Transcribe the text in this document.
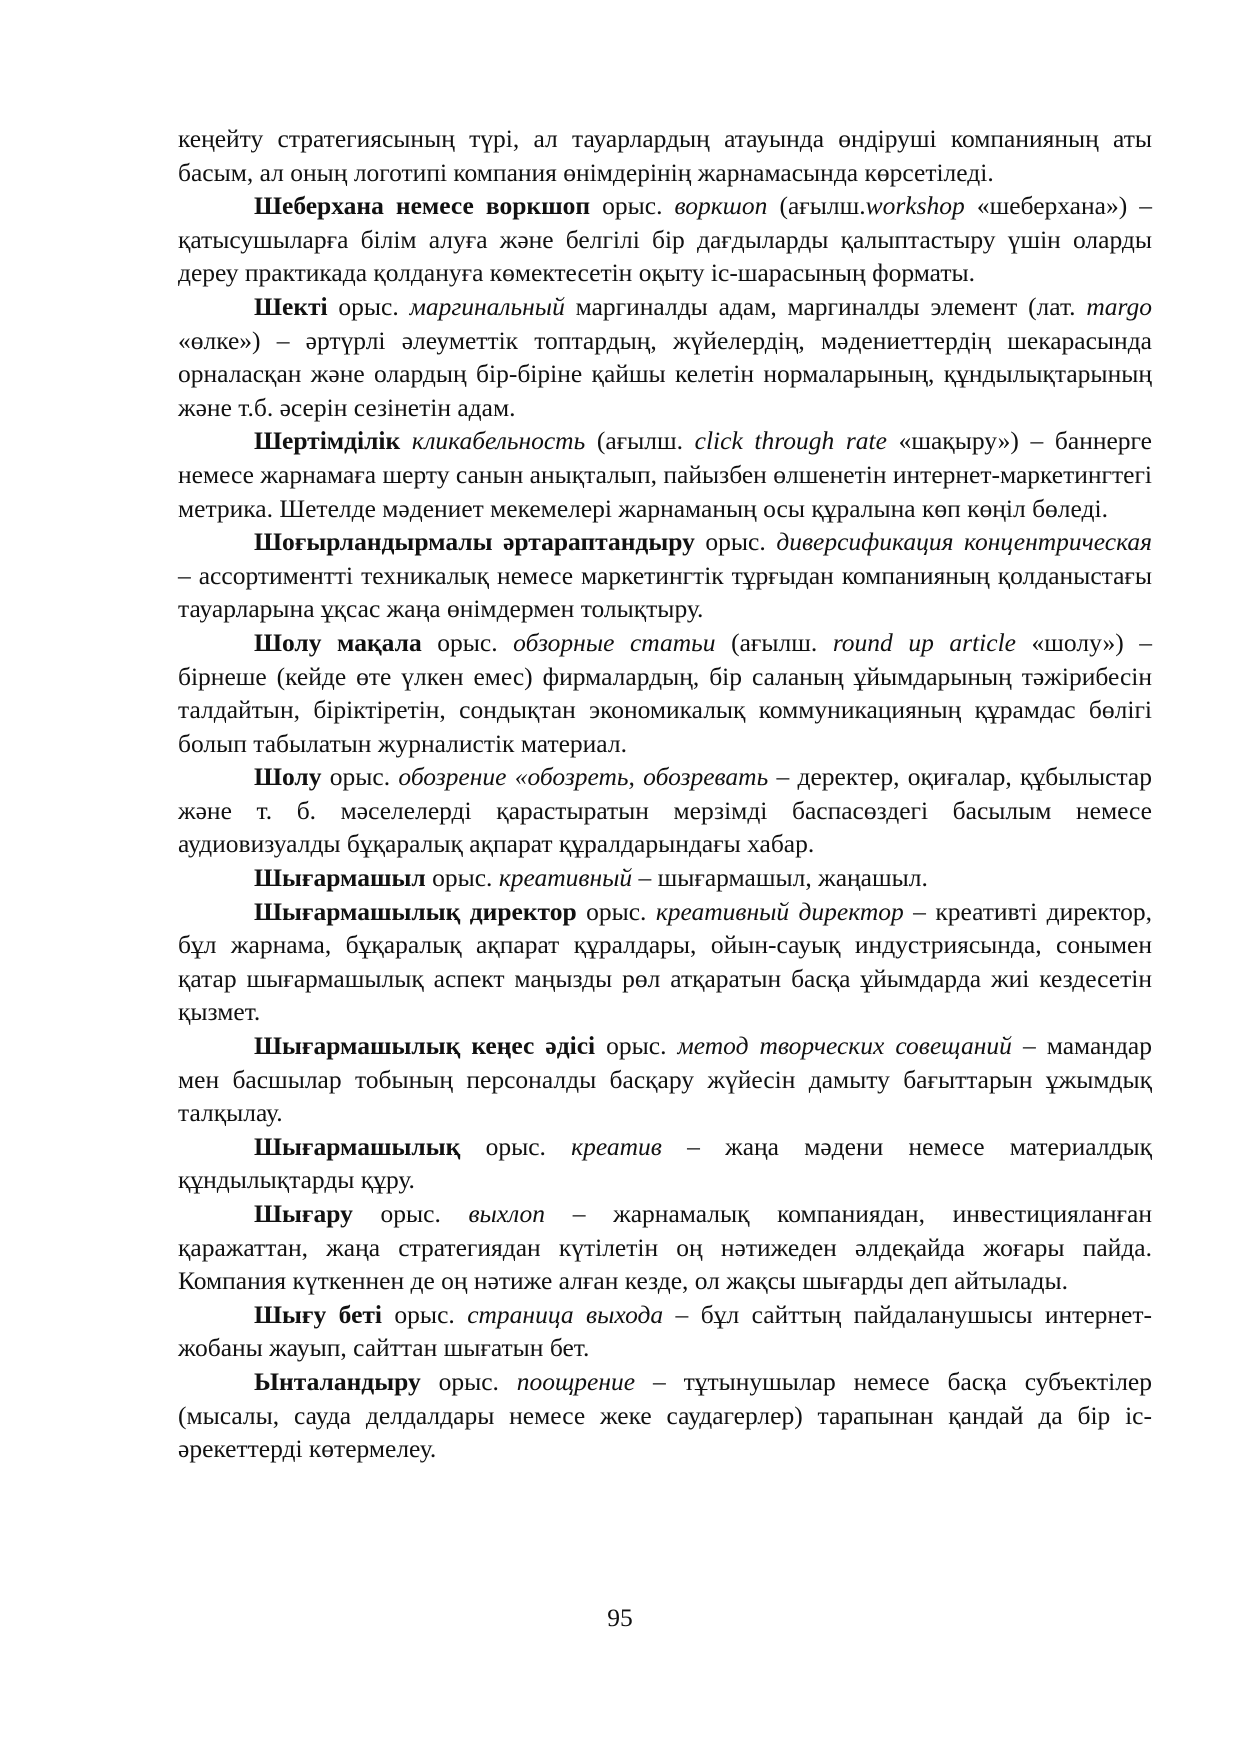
кеңейту стратегиясының түрі, ал тауарлардың атауында өндіруші компанияның аты басым, ал оның логотипі компания өнімдерінің жарнамасында көрсетіледі.

Шеберхана немесе воркшоп орыс. воркшоп (ағылш.workshop «шеберхана») – қатысушыларға білім алуға және белгілі бір дағдыларды қалыптастыру үшін оларды дереу практикада қолдануға көмектесетін оқыту іс-шарасының форматы.

Шекті орыс. маргинальный маргиналды адам, маргиналды элемент (лат. margo «өлке») – әртүрлі әлеуметтік топтардың, жүйелердің, мәдениеттердің шекарасында орналасқан және олардың бір-біріне қайшы келетін нормаларының, құндылықтарының және т.б. әсерін сезінетін адам.

Шертімділік кликабельность (ағылш. click through rate «шақыру») – баннерге немесе жарнамаға шерту санын анықталып, пайызбен өлшенетін интернет-маркетингтегі метрика. Шетелде мәдениет мекемелері жарнаманың осы құралына көп көңіл бөледі.

Шоғырландырмалы әртараптандыру орыс. диверсификация концентрическая – ассортиментті техникалық немесе маркетингтік тұрғыдан компанияның қолданыстағы тауарларына ұқсас жаңа өнімдермен толықтыру.

Шолу мақала орыс. обзорные статьи (ағылш. round up article «шолу») – бірнеше (кейде өте үлкен емес) фирмалардың, бір саланың ұйымдарының тәжірибесін талдайтын, біріктіретін, сондықтан экономикалық коммуникацияның құрамдас бөлігі болып табылатын журналистік материал.

Шолу орыс. обозрение «обозреть, обозревать – деректер, оқиғалар, құбылыстар және т. б. мәселелерді қарастыратын мерзімді баспасөздегі басылым немесе аудиовизуалды бұқаралық ақпарат құралдарындағы хабар.

Шығармашыл орыс. креативный – шығармашыл, жаңашыл.

Шығармашылық директор орыс. креативный директор – креативті директор, бұл жарнама, бұқаралық ақпарат құралдары, ойын-сауық индустриясында, сонымен қатар шығармашылық аспект маңызды рөл атқаратын басқа ұйымдарда жиі кездесетін қызмет.

Шығармашылық кеңес әдісі орыс. метод творческих совещаний – мамандар мен басшылар тобының персоналды басқару жүйесін дамыту бағыттарын ұжымдық талқылау.

Шығармашылық орыс. креатив – жаңа мәдени немесе материалдық құндылықтарды құру.

Шығару орыс. выхлоп – жарнамалық компаниядан, инвестицияланған қаражаттан, жаңа стратегиядан күтілетін оң нәтижеден әлдеқайда жоғары пайда. Компания күткеннен де оң нәтиже алған кезде, ол жақсы шығарды деп айтылады.

Шығу беті орыс. страница выхода – бұл сайттың пайдаланушысы интернет-жобаны жауып, сайттан шығатын бет.

Ынталандыру орыс. поощрение – тұтынушылар немесе басқа субъектілер (мысалы, сауда делдалдары немесе жеке саудагерлер) тарапынан қандай да бір іс-әрекеттерді көтермелеу.

95
